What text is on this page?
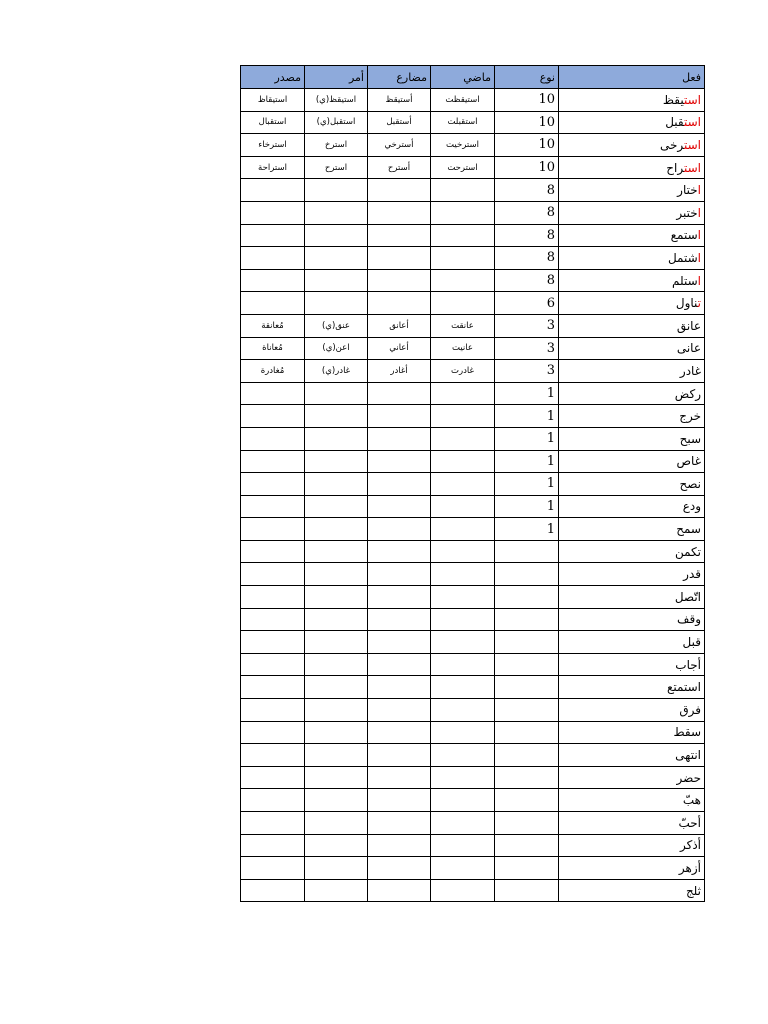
مصدر	أمر	مضارع	ماضي	نوع	فعل
استيقاظ	استيقظ(ي)	أستيقظ	استيقظت	10	استيقظ
استقبال	استقبل(ي)	أستقبل	استقبلت	10	استقبل
استرخاء	استرخ	أسترخي	استرخيت	10	استرخى
استراحة	استرح	أسترح	استرحت	10	استراح
				8	اختار
				8	اختبر
				8	استمع
				8	اشتمل
				8	استلم
				6	تناول
مُعانقة	عنق(ي)	أعانق	عانقت	3	عانق
مُعاناة	اعن(ي)	أعاني	عانيت	3	عانى
مُغادرة	غادر(ي)	أغادر	غادرت	3	غادر
				1	ركض
				1	خرج
				1	سبح
				1	غاص
				1	نصح
				1	ودع
				1	سمح
					تكمن
					قدر
					اتّصل
					وقف
					قبل
					أجاب
					استمتع
					فرق
					سقط
					انتهى
					حضر
					هبّ
					أحبّ
					أذكر
					أزهر
					ثلج
